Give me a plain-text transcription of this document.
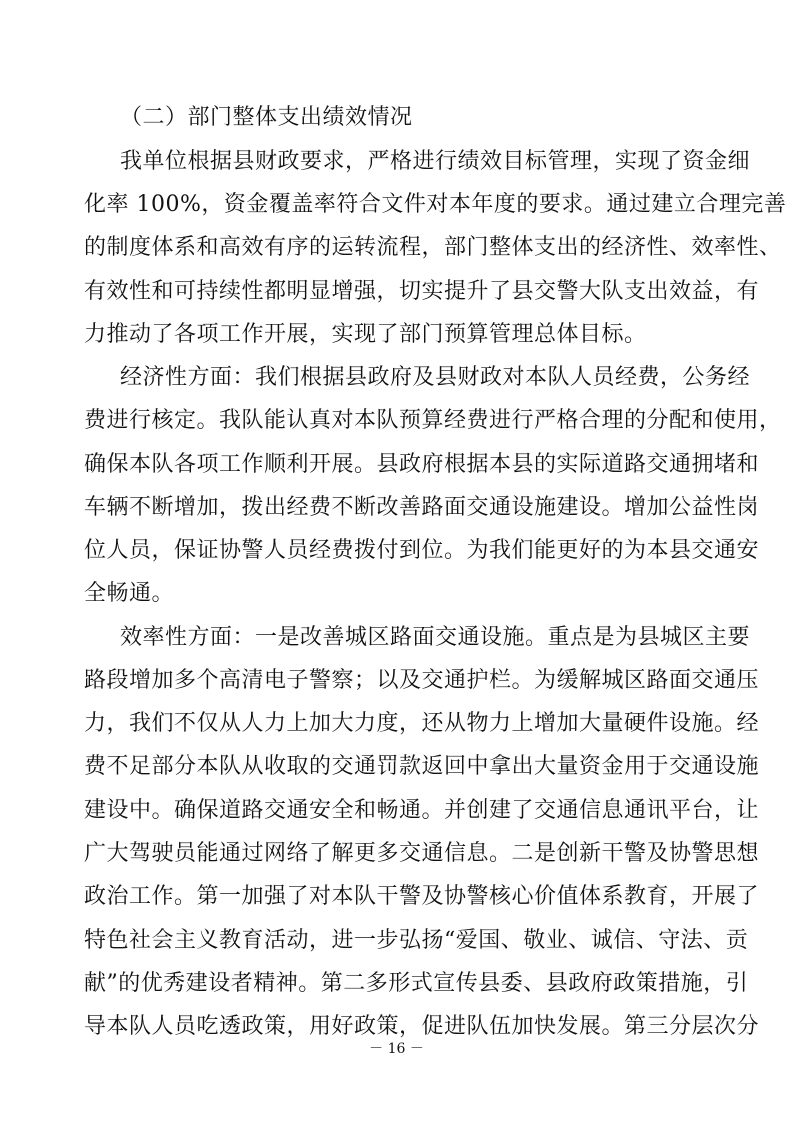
（二）部门整体支出绩效情况
我单位根据县财政要求，严格进行绩效目标管理，实现了资金细
化率 100%，资金覆盖率符合文件对本年度的要求。通过建立合理完善
的制度体系和高效有序的运转流程，部门整体支出的经济性、效率性、
有效性和可持续性都明显增强，切实提升了县交警大队支出效益，有
力推动了各项工作开展，实现了部门预算管理总体目标。
经济性方面：我们根据县政府及县财政对本队人员经费，公务经
费进行核定。我队能认真对本队预算经费进行严格合理的分配和使用，
确保本队各项工作顺利开展。县政府根据本县的实际道路交通拥堵和
车辆不断增加，拨出经费不断改善路面交通设施建设。增加公益性岗
位人员，保证协警人员经费拨付到位。为我们能更好的为本县交通安
全畅通。
效率性方面：一是改善城区路面交通设施。重点是为县城区主要
路段增加多个高清电子警察；以及交通护栏。为缓解城区路面交通压
力，我们不仅从人力上加大力度，还从物力上增加大量硬件设施。经
费不足部分本队从收取的交通罚款返回中拿出大量资金用于交通设施
建设中。确保道路交通安全和畅通。并创建了交通信息通讯平台，让
广大驾驶员能通过网络了解更多交通信息。二是创新干警及协警思想
政治工作。第一加强了对本队干警及协警核心价值体系教育，开展了
特色社会主义教育活动，进一步弘扬“爱国、敬业、诚信、守法、贡
献”的优秀建设者精神。第二多形式宣传县委、县政府政策措施，引
导本队人员吃透政策，用好政策，促进队伍加快发展。第三分层次分
－ 16 －
